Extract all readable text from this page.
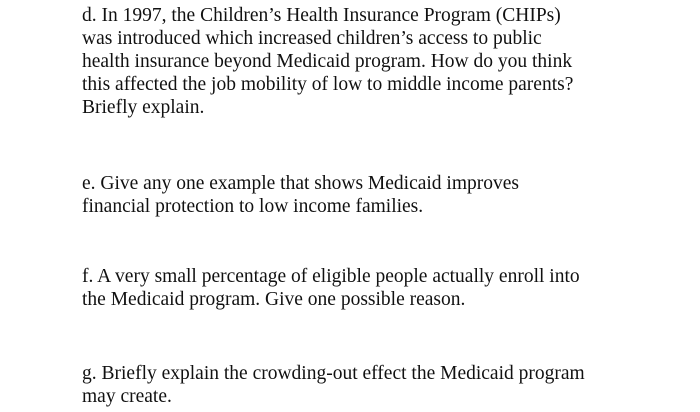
d. In 1997, the Children’s Health Insurance Program (CHIPs)
was introduced which increased children’s access to public
health insurance beyond Medicaid program. How do you think
this affected the job mobility of low to middle income parents?
Briefly explain.
e. Give any one example that shows Medicaid improves
financial protection to low income families.
f. A very small percentage of eligible people actually enroll into
the Medicaid program. Give one possible reason.
g. Briefly explain the crowding-out effect the Medicaid program
may create.
